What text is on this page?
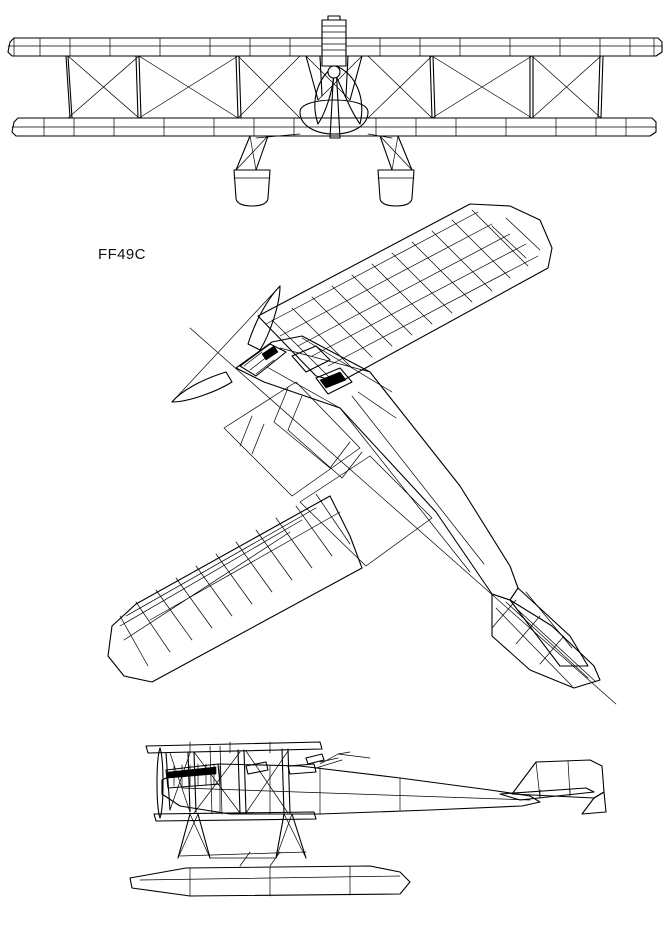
FF49C
